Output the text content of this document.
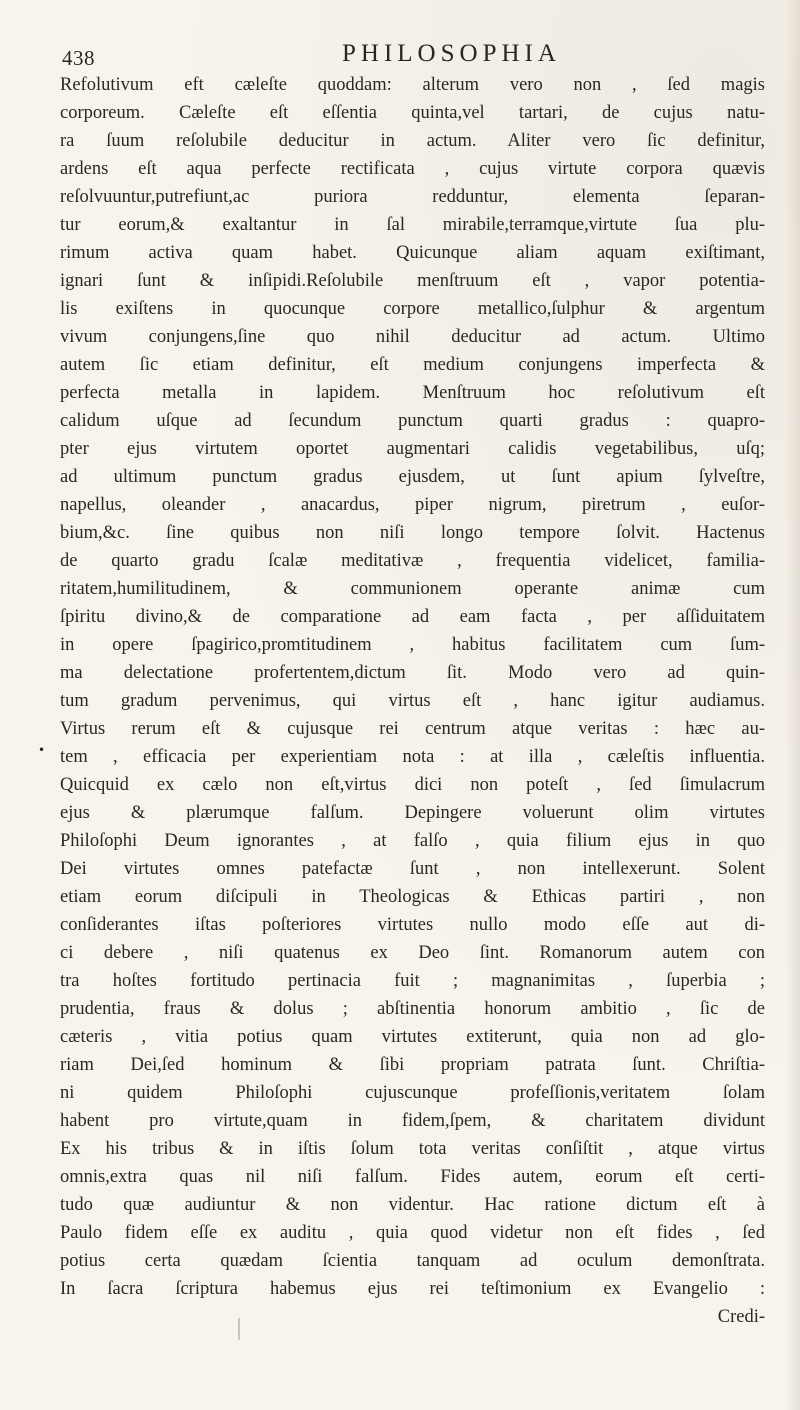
438	PHILOSOPHIA
•
Refolutivum eft cæleſte quoddam: alterum vero non , ſed magis
corporeum. Cæleſte eſt eſſentia quinta,vel tartari, de cujus natu-
ra ſuum reſolubile deducitur in actum. Aliter vero ſic definitur,
ardens eſt aqua perfecte rectificata , cujus virtute corpora quævis
reſolvuuntur,putrefiunt,ac puriora redduntur, elementa ſeparan-
tur eorum,& exaltantur in ſal mirabile,terramque,virtute ſua plu-
rimum activa quam habet. Quicunque aliam aquam exiſtimant,
ignari ſunt & inſipidi.Reſolubile menſtruum eſt , vapor potentia-
lis exiſtens in quocunque corpore metallico,ſulphur & argentum
vivum conjungens,ſine quo nihil deducitur ad actum. Ultimo
autem ſic etiam definitur, eſt medium conjungens imperfecta &
perfecta metalla in lapidem. Menſtruum hoc reſolutivum eſt
calidum uſque ad ſecundum punctum quarti gradus : quapro-
pter ejus virtutem oportet augmentari calidis vegetabilibus, uſq;
ad ultimum punctum gradus ejusdem, ut ſunt apium ſylveſtre,
napellus, oleander , anacardus, piper nigrum, piretrum , euſor-
bium,&c. ſine quibus non niſi longo tempore ſolvit. Hactenus
de quarto gradu ſcalæ meditativæ , frequentia videlicet, familia-
ritatem,humilitudinem, & communionem operante animæ cum
ſpiritu divino,& de comparatione ad eam facta , per aſſiduitatem
in opere ſpagirico,promtitudinem , habitus facilitatem cum ſum-
ma delectatione profertentem,dictum ſit. Modo vero ad quin-
tum gradum pervenimus, qui virtus eſt , hanc igitur audiamus.
Virtus rerum eſt & cujusque rei centrum atque veritas : hæc au-
tem , efficacia per experientiam nota : at illa , cæleſtis influentia.
Quicquid ex cælo non eſt,virtus dici non poteſt , ſed ſimulacrum
ejus & plærumque falſum. Depingere voluerunt olim virtutes
Philoſophi Deum ignorantes , at falſo , quia filium ejus in quo
Dei virtutes omnes patefactæ ſunt , non intellexerunt. Solent
etiam eorum diſcipuli in Theologicas & Ethicas partiri , non
conſiderantes iſtas poſteriores virtutes nullo modo eſſe aut di-
ci debere , niſi quatenus ex Deo ſint. Romanorum autem con
tra hoſtes fortitudo pertinacia fuit ; magnanimitas , ſuperbia ;
prudentia, fraus & dolus ; abſtinentia honorum ambitio , ſic de
cæteris , vitia potius quam virtutes extiterunt, quia non ad glo-
riam Dei,ſed hominum & ſibi propriam patrata ſunt. Chriſtia-
ni quidem Philoſophi cujuscunque profeſſionis,veritatem ſolam
habent pro virtute,quam in fidem,ſpem, & charitatem dividunt
Ex his tribus & in iſtis ſolum tota veritas conſiſtit , atque virtus
omnis,extra quas nil niſi falſum. Fides autem, eorum eſt certi-
tudo quæ audiuntur & non videntur. Hac ratione dictum eſt à
Paulo fidem eſſe ex auditu , quia quod videtur non eſt fides , ſed
potius certa quædam ſcientia tanquam ad oculum demonſtrata.
In ſacra ſcriptura habemus ejus rei teſtimonium ex Evangelio :
Credi-
